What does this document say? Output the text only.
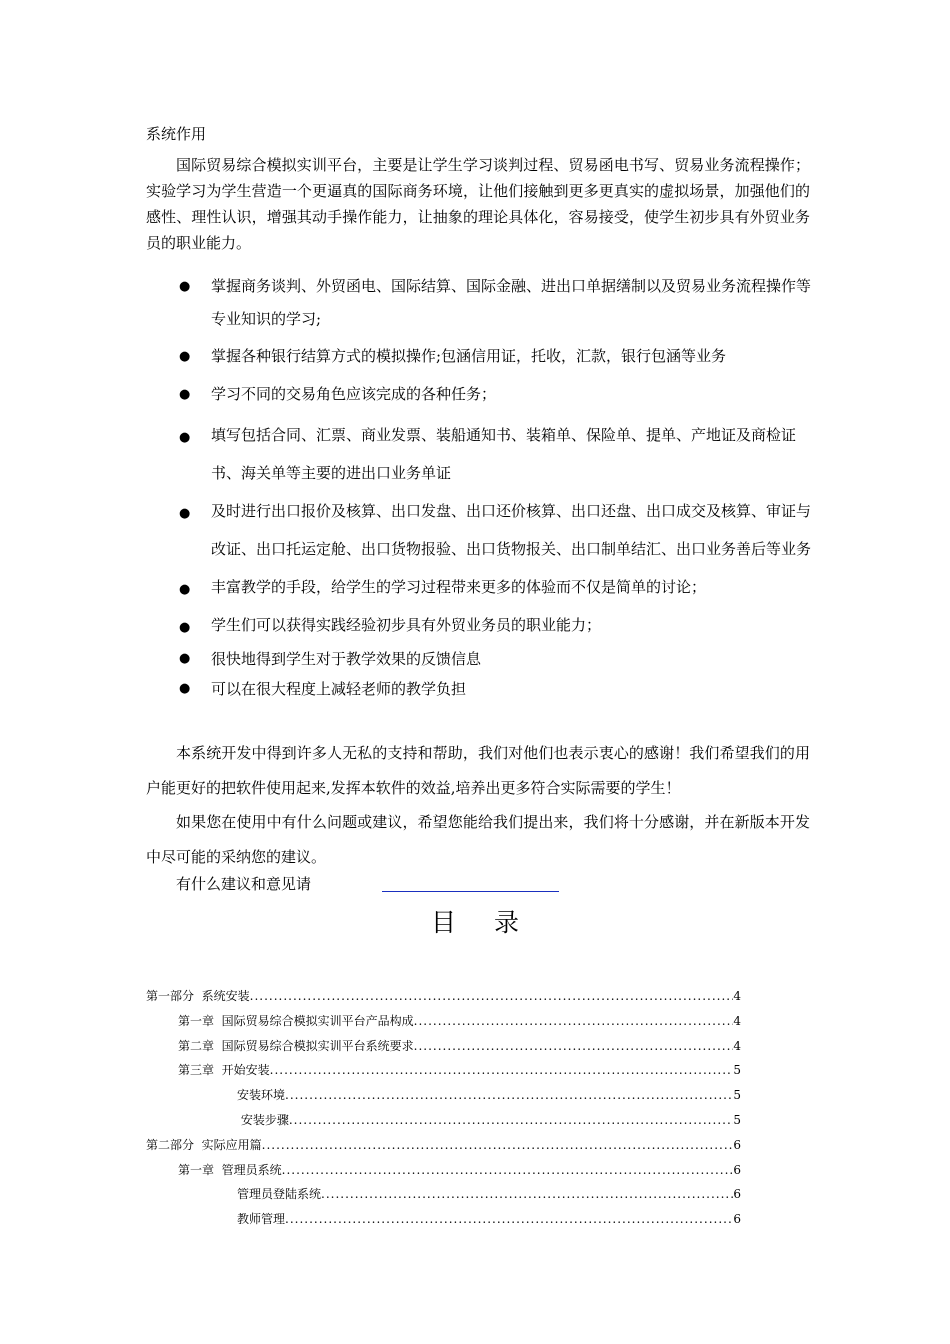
系统作用

国际贸易综合模拟实训平台，主要是让学生学习谈判过程、贸易函电书写、贸易业务流程操作；实验学习为学生营造一个更逼真的国际商务环境，让他们接触到更多更真实的虚拟场景，加强他们的感性、理性认识，增强其动手操作能力，让抽象的理论具体化，容易接受，使学生初步具有外贸业务员的职业能力。

● 掌握商务谈判、外贸函电、国际结算、国际金融、进出口单据缮制以及贸易业务流程操作等专业知识的学习;
● 掌握各种银行结算方式的模拟操作;包涵信用证，托收，汇款，银行包涵等业务
● 学习不同的交易角色应该完成的各种任务；
● 填写包括合同、汇票、商业发票、装船通知书、装箱单、保险单、提单、产地证及商检证书、海关单等主要的进出口业务单证
● 及时进行出口报价及核算、出口发盘、出口还价核算、出口还盘、出口成交及核算、审证与改证、出口托运定舱、出口货物报验、出口货物报关、出口制单结汇、出口业务善后等业务
● 丰富教学的手段，给学生的学习过程带来更多的体验而不仅是简单的讨论；
● 学生们可以获得实践经验初步具有外贸业务员的职业能力；
● 很快地得到学生对于教学效果的反馈信息
● 可以在很大程度上减轻老师的教学负担

本系统开发中得到许多人无私的支持和帮助，我们对他们也表示衷心的感谢！我们希望我们的用户能更好的把软件使用起来,发挥本软件的效益,培养出更多符合实际需要的学生！

如果您在使用中有什么问题或建议，希望您能给我们提出来，我们将十分感谢，并在新版本开发中尽可能的采纳您的建议。

有什么建议和意见请
目 录
第一部分  系统安装 .....	4
第一章  国际贸易综合模拟实训平台产品构成 .....	4
第二章  国际贸易综合模拟实训平台系统要求 .....	4
第三章  开始安装 .....	5
安装环境 .....	5
安装步骤 .....	5
第二部分  实际应用篇 .....	6
第一章  管理员系统 .....	6
管理员登陆系统 .....	6
教师管理 .....	6
